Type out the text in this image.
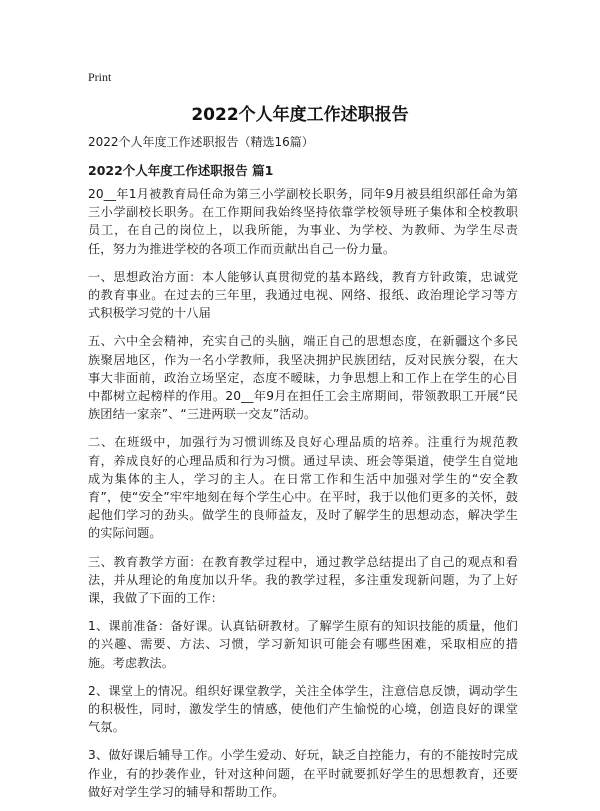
Print
2022个人年度工作述职报告

2022个人年度工作述职报告（精选16篇）

2022个人年度工作述职报告 篇1

20__年1月被教育局任命为第三小学副校长职务，同年9月被县组织部任命为第三小学副校长职务。在工作期间我始终坚持依靠学校领导班子集体和全校教职员工，在自己的岗位上，以我所能，为事业、为学校、为教师、为学生尽责任，努力为推进学校的各项工作而贡献出自己一份力量。

一、思想政治方面：本人能够认真贯彻党的基本路线，教育方针政策，忠诚党的教育事业。在过去的三年里，我通过电视、网络、报纸、政治理论学习等方式积极学习党的十八届

五、六中全会精神，充实自己的头脑，端正自己的思想态度，在新疆这个多民族聚居地区，作为一名小学教师，我坚决拥护民族团结，反对民族分裂，在大事大非面前，政治立场坚定，态度不暧昧，力争思想上和工作上在学生的心目中都树立起榜样的作用。20__年9月在担任工会主席期间，带领教职工开展“民族团结一家亲”、“三进两联一交友”活动。

二、在班级中，加强行为习惯训练及良好心理品质的培养。注重行为规范教育，养成良好的心理品质和行为习惯。通过早读、班会等渠道，使学生自觉地成为集体的主人，学习的主人。在日常工作和生活中加强对学生的“安全教育”，使“安全”牢牢地刻在每个学生心中。在平时，我于以他们更多的关怀，鼓起他们学习的劲头。做学生的良师益友，及时了解学生的思想动态，解决学生的实际问题。

三、教育教学方面：在教育教学过程中，通过教学总结提出了自己的观点和看法，并从理论的角度加以升华。我的教学过程，多注重发现新问题，为了上好课，我做了下面的工作：

1、课前准备：备好课。认真钻研教材。了解学生原有的知识技能的质量，他们的兴趣、需要、方法、习惯，学习新知识可能会有哪些困难，采取相应的措施。考虑教法。

2、课堂上的情况。组织好课堂教学，关注全体学生，注意信息反馈，调动学生的积极性，同时，激发学生的情感，使他们产生愉悦的心境，创造良好的课堂气氛。

3、做好课后辅导工作。小学生爱动、好玩，缺乏自控能力，有的不能按时完成作业，有的抄袭作业，针对这种问题，在平时就要抓好学生的思想教育，还要做好对学生学习的辅导和帮助工作。
